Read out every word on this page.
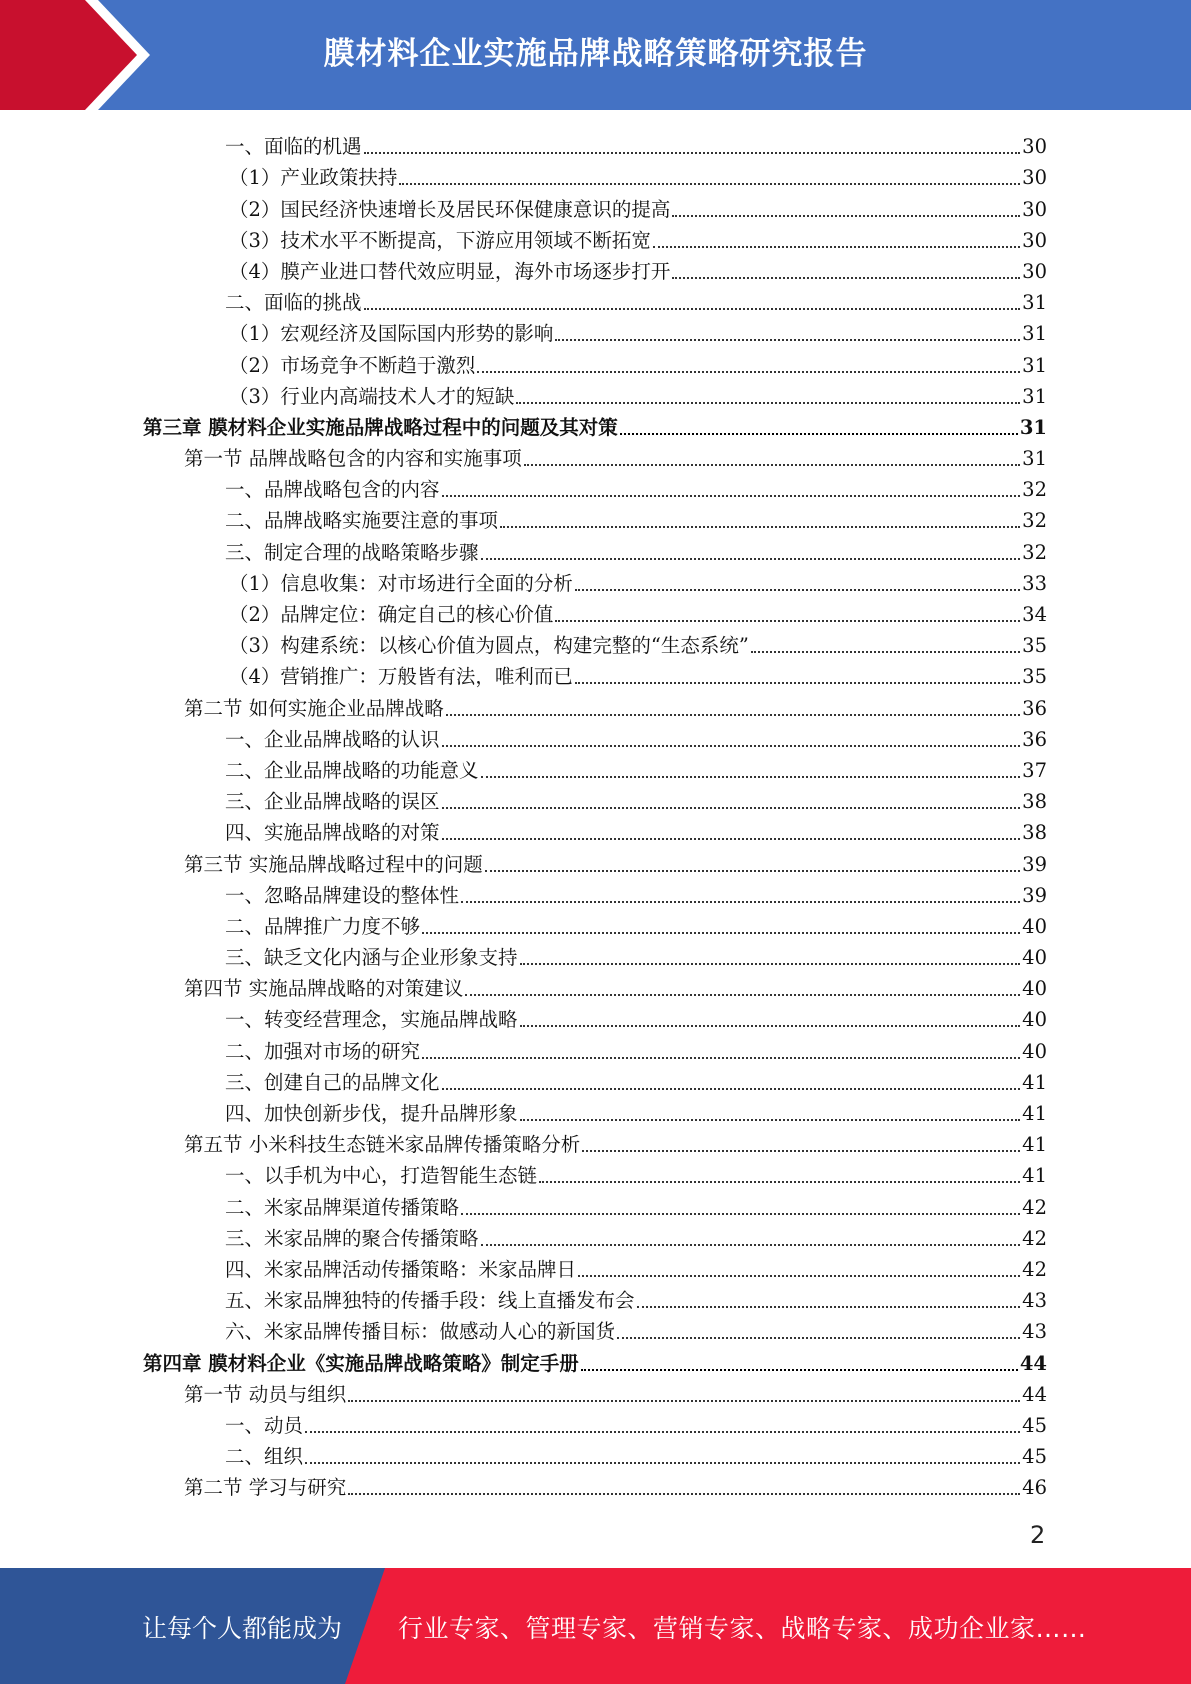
膜材料企业实施品牌战略策略研究报告
一、面临的机遇	30
（1）产业政策扶持	30
（2）国民经济快速增长及居民环保健康意识的提高	30
（3）技术水平不断提高，下游应用领域不断拓宽	30
（4）膜产业进口替代效应明显，海外市场逐步打开	30
二、面临的挑战	31
（1）宏观经济及国际国内形势的影响	31
（2）市场竞争不断趋于激烈	31
（3）行业内高端技术人才的短缺	31
第三章 膜材料企业实施品牌战略过程中的问题及其对策	31
第一节 品牌战略包含的内容和实施事项	31
一、品牌战略包含的内容	32
二、品牌战略实施要注意的事项	32
三、制定合理的战略策略步骤	32
（1）信息收集：对市场进行全面的分析	33
（2）品牌定位：确定自己的核心价值	34
（3）构建系统：以核心价值为圆点，构建完整的“生态系统”	35
（4）营销推广：万般皆有法，唯利而已	35
第二节 如何实施企业品牌战略	36
一、企业品牌战略的认识	36
二、企业品牌战略的功能意义	37
三、企业品牌战略的误区	38
四、实施品牌战略的对策	38
第三节 实施品牌战略过程中的问题	39
一、忽略品牌建设的整体性	39
二、品牌推广力度不够	40
三、缺乏文化内涵与企业形象支持	40
第四节 实施品牌战略的对策建议	40
一、转变经营理念，实施品牌战略	40
二、加强对市场的研究	40
三、创建自己的品牌文化	41
四、加快创新步伐，提升品牌形象	41
第五节 小米科技生态链米家品牌传播策略分析	41
一、以手机为中心，打造智能生态链	41
二、米家品牌渠道传播策略	42
三、米家品牌的聚合传播策略	42
四、米家品牌活动传播策略：米家品牌日	42
五、米家品牌独特的传播手段：线上直播发布会	43
六、米家品牌传播目标：做感动人心的新国货	43
第四章 膜材料企业《实施品牌战略策略》制定手册	44
第一节 动员与组织	44
一、动员	45
二、组织	45
第二节 学习与研究	46
2
让每个人都能成为 行业专家、管理专家、营销专家、战略专家、成功企业家……
